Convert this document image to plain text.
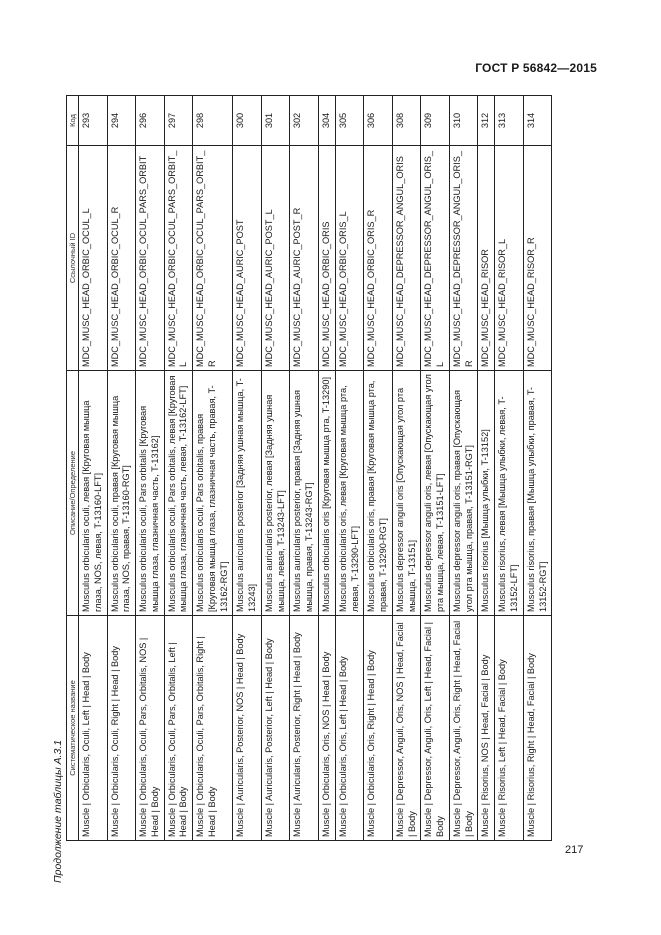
ГОСТ Р 56842—2015
Продолжение таблицы А.3.1
Систематическое название	Описание/Определение	Ссылочный ID	Код
Muscle | Orbicularis, Oculi, Left | Head | Body	Musculus orbicularis oculi, левая [Круговая мышца глаза, NOS, левая, T-13160-LFT]	MDC_MUSC_HEAD_ORBIC_OCUL_L	293
Muscle | Orbicularis, Oculi, Right | Head | Body	Musculus orbicularis oculi, правая [Круговая мышца глаза, NOS, правая, T-13160-RGT]	MDC_MUSC_HEAD_ORBIC_OCUL_R	294
Muscle | Orbicularis, Oculi, Pars, Orbitalis, NOS | Head | Body	Musculus orbicularis oculi, Pars orbitalis [Круговая мышца глаза, глазничная часть, T-13162]	MDC_MUSC_HEAD_ORBIC_OCUL_PARS_ORBIT	296
Muscle | Orbicularis, Oculi, Pars, Orbitalis, Left | Head | Body	Musculus orbicularis oculi, Pars orbitalis, левая [Круговая мышца глаза, глазничная часть, левая, T-13162-LFT]	MDC_MUSC_HEAD_ORBIC_OCUL_PARS_ORBIT_L	297
Muscle | Orbicularis, Oculi, Pars, Orbitalis, Right | Head | Body	Musculus orbicularis oculi, Pars orbitalis, правая [Круговая мышца глаза, глазничная часть, правая, T-13162-RGT]	MDC_MUSC_HEAD_ORBIC_OCUL_PARS_ORBIT_R	298
Muscle | Auricularis, Posterior, NOS | Head | Body	Musculus auricularis posterior [Задняя ушная мышца, T-13243]	MDC_MUSC_HEAD_AURIC_POST	300
Muscle | Auricularis, Posterior, Left | Head | Body	Musculus auricularis posterior, левая [Задняя ушная мышца, левая, T-13243-LFT]	MDC_MUSC_HEAD_AURIC_POST_L	301
Muscle | Auricularis, Posterior, Right | Head | Body	Musculus auricularis posterior, правая [Задняя ушная мышца, правая, T-13243-RGT]	MDC_MUSC_HEAD_AURIC_POST_R	302
Muscle | Orbicularis, Oris, NOS | Head | Body	Musculus orbicularis oris [Круговая мышца рта, T-13290]	MDC_MUSC_HEAD_ORBIC_ORIS	304
Muscle | Orbicularis, Oris, Left | Head | Body	Musculus orbicularis oris, левая [Круговая мышца рта, левая, T-13290-LFT]	MDC_MUSC_HEAD_ORBIC_ORIS_L	305
Muscle | Orbicularis, Oris, Right | Head | Body	Musculus orbicularis oris, правая [Круговая мышца рта, правая, T-13290-RGT]	MDC_MUSC_HEAD_ORBIC_ORIS_R	306
Muscle | Depressor, Anguli, Oris, NOS | Head, Facial | Body	Musculus depressor anguli oris [Опускающая угол рта мышца, T-13151]	MDC_MUSC_HEAD_DEPRESSOR_ANGUL_ORIS	308
Muscle | Depressor, Anguli, Oris, Left | Head, Facial | Body	Musculus depressor anguli oris, левая [Опускающая угол рта мышца, левая, T-13151-LFT]	MDC_MUSC_HEAD_DEPRESSOR_ANGUL_ORIS_L	309
Muscle | Depressor, Anguli, Oris, Right | Head, Facial | Body	Musculus depressor anguli oris, правая [Опускающая угол рта мышца, правая, T-13151-RGT]	MDC_MUSC_HEAD_DEPRESSOR_ANGUL_ORIS_R	310
Muscle | Risorius, NOS | Head, Facial | Body	Musculus risorius [Мышца улыбки, T-13152]	MDC_MUSC_HEAD_RISOR	312
Muscle | Risorius, Left | Head, Facial | Body	Musculus risorius, левая [Мышца улыбки, левая, T-13152-LFT]	MDC_MUSC_HEAD_RISOR_L	313
Muscle | Risorius, Right | Head, Facial | Body	Musculus risorius, правая [Мышца улыбки, правая, T-13152-RGT]	MDC_MUSC_HEAD_RISOR_R	314
217
